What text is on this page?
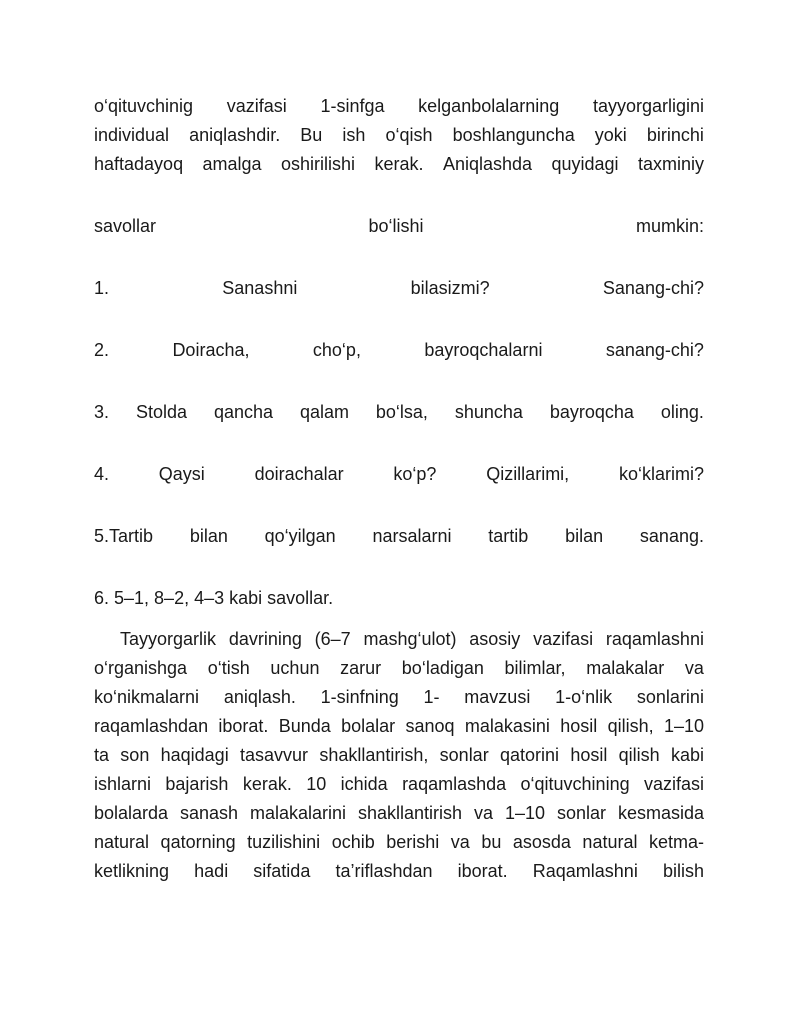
o‘qituvchinig vazifasi 1-sinfga kelganbolalarning tayyorgarligini
individual aniqlashdir. Bu ish o‘qish boshlanguncha yoki birinchi
haftadayoq amalga oshirilishi kerak. Aniqlashda quyidagi taxminiy
savollar	bo‘lishi	mumkin:
1.	Sanashni	bilasizmi?	Sanang-chi?
2.	Doiracha,	cho‘p,	bayroqchalarni	sanang-chi?
3. Stolda qancha qalam bo‘lsa, shuncha bayroqcha oling.
4.	Qaysi	doirachalar	ko‘p?	Qizillarimi,	ko‘klarimi?
5.Tartib bilan qo‘yilgan narsalarni tartib bilan sanang.
6. 5–1, 8–2, 4–3 kabi savollar.
Tayyorgarlik davrining (6–7 mashg‘ulot) asosiy vazifasi raqamlashni
o‘rganishga o‘tish uchun zarur bo‘ladigan bilimlar, malakalar va
ko‘nikmalarni aniqlash. 1-sinfning 1- mavzusi 1-o‘nlik sonlarini
raqamlashdan iborat. Bunda bolalar sanoq malakasini hosil qilish, 1–10
ta son haqidagi tasavvur shakllantirish, sonlar qatorini hosil qilish kabi
ishlarni bajarish kerak. 10 ichida raqamlashda o‘qituvchining vazifasi
bolalarda sanash malakalarini shakllantirish va 1–10 sonlar kesmasida
natural qatorning tuzilishini ochib berishi va bu asosda natural ketma-
ketlikning hadi sifatida ta’riflashdan iborat. Raqamlashni bilish
